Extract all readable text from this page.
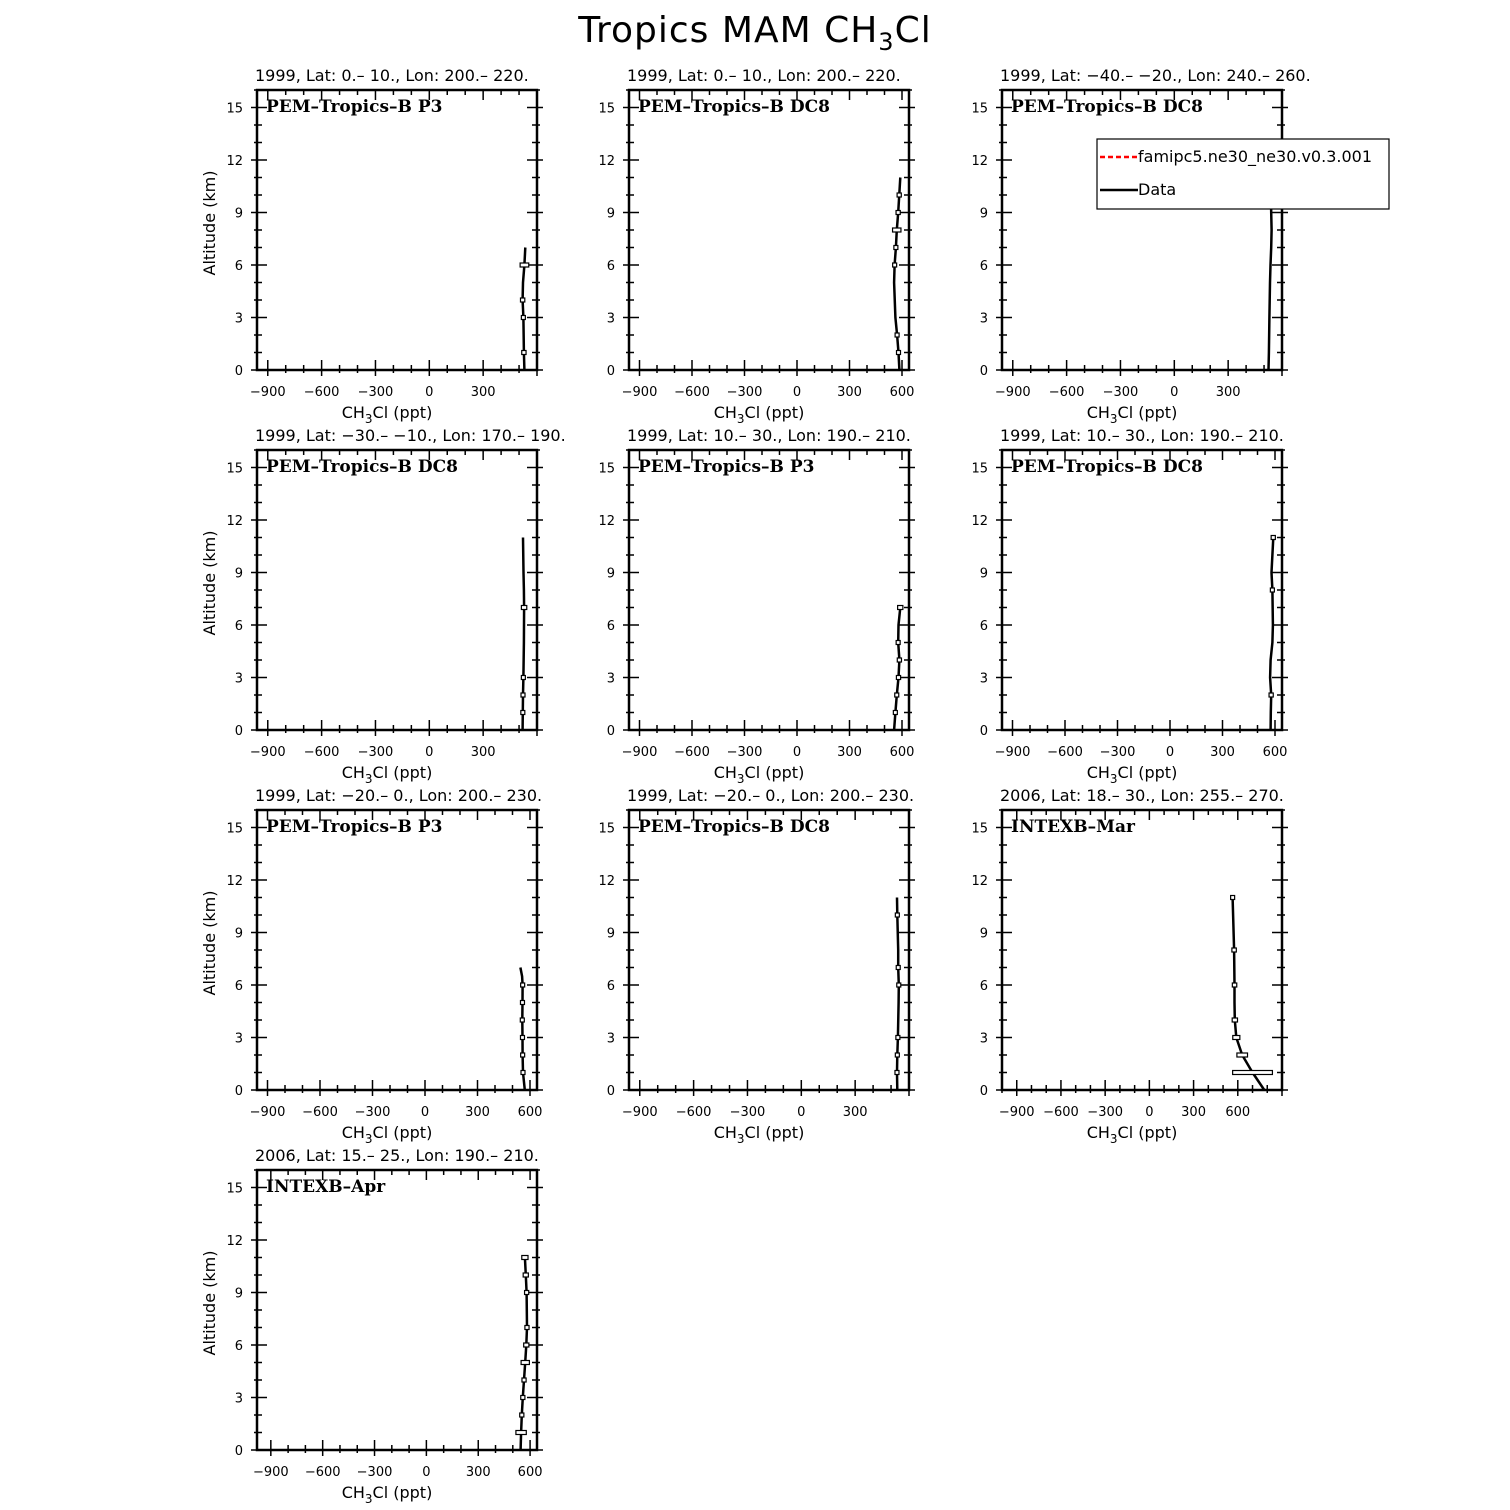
Tropics MAM $CH_3Cl$
0
3
6
9
12
15
−900 −600 −300 0	300
1999, Lat: 0.– 10., Lon: 200.– 220.
PEM–Tropics–B P3
$CH_3Cl$ (ppt)
Altitude (km)
0
3
6
9
12
15
−900 −600 −300 0	300 600
1999, Lat: 0.– 10., Lon: 200.– 220.
PEM–Tropics–B DC8
$CH_3Cl$ (ppt)
0
3
6
9
12
15
−900 −600 −300 0	300
1999, Lat: −40.– −20., Lon: 240.– 260.
PEM–Tropics–B DC8
$CH_3Cl$ (ppt)
famipc5.ne30_ne30.v0.3.001
Data
0
3
6
9
12
15
−900 −600 −300 0	300
1999, Lat: −30.– −10., Lon: 170.– 190.
PEM–Tropics–B DC8
$CH_3Cl$ (ppt)
Altitude (km)
0
3
6
9
12
15
−900 −600 −300 0	300 600
1999, Lat: 10.– 30., Lon: 190.– 210.
PEM–Tropics–B P3
$CH_3Cl$ (ppt)
0
3
6
9
12
15
−900 −600 −300 0	300 600
1999, Lat: 10.– 30., Lon: 190.– 210.
PEM–Tropics–B DC8
$CH_3Cl$ (ppt)
0
3
6
9
12
15
−900 −600 −300 0	300 600
1999, Lat: −20.– 0., Lon: 200.– 230.
PEM–Tropics–B P3
$CH_3Cl$ (ppt)
Altitude (km)
0
3
6
9
12
15
−900 −600 −300 0	300
1999, Lat: −20.– 0., Lon: 200.– 230.
PEM–Tropics–B DC8
$CH_3Cl$ (ppt)
0
3
6
9
12
15
−900 −600 −300 0 300 600
2006, Lat: 18.– 30., Lon: 255.– 270.
INTEXB–Mar
$CH_3Cl$ (ppt)
0
3
6
9
12
15
−900 −600 −300 0	300 600
2006, Lat: 15.– 25., Lon: 190.– 210.
INTEXB–Apr
$CH_3Cl$ (ppt)
Altitude (km)
